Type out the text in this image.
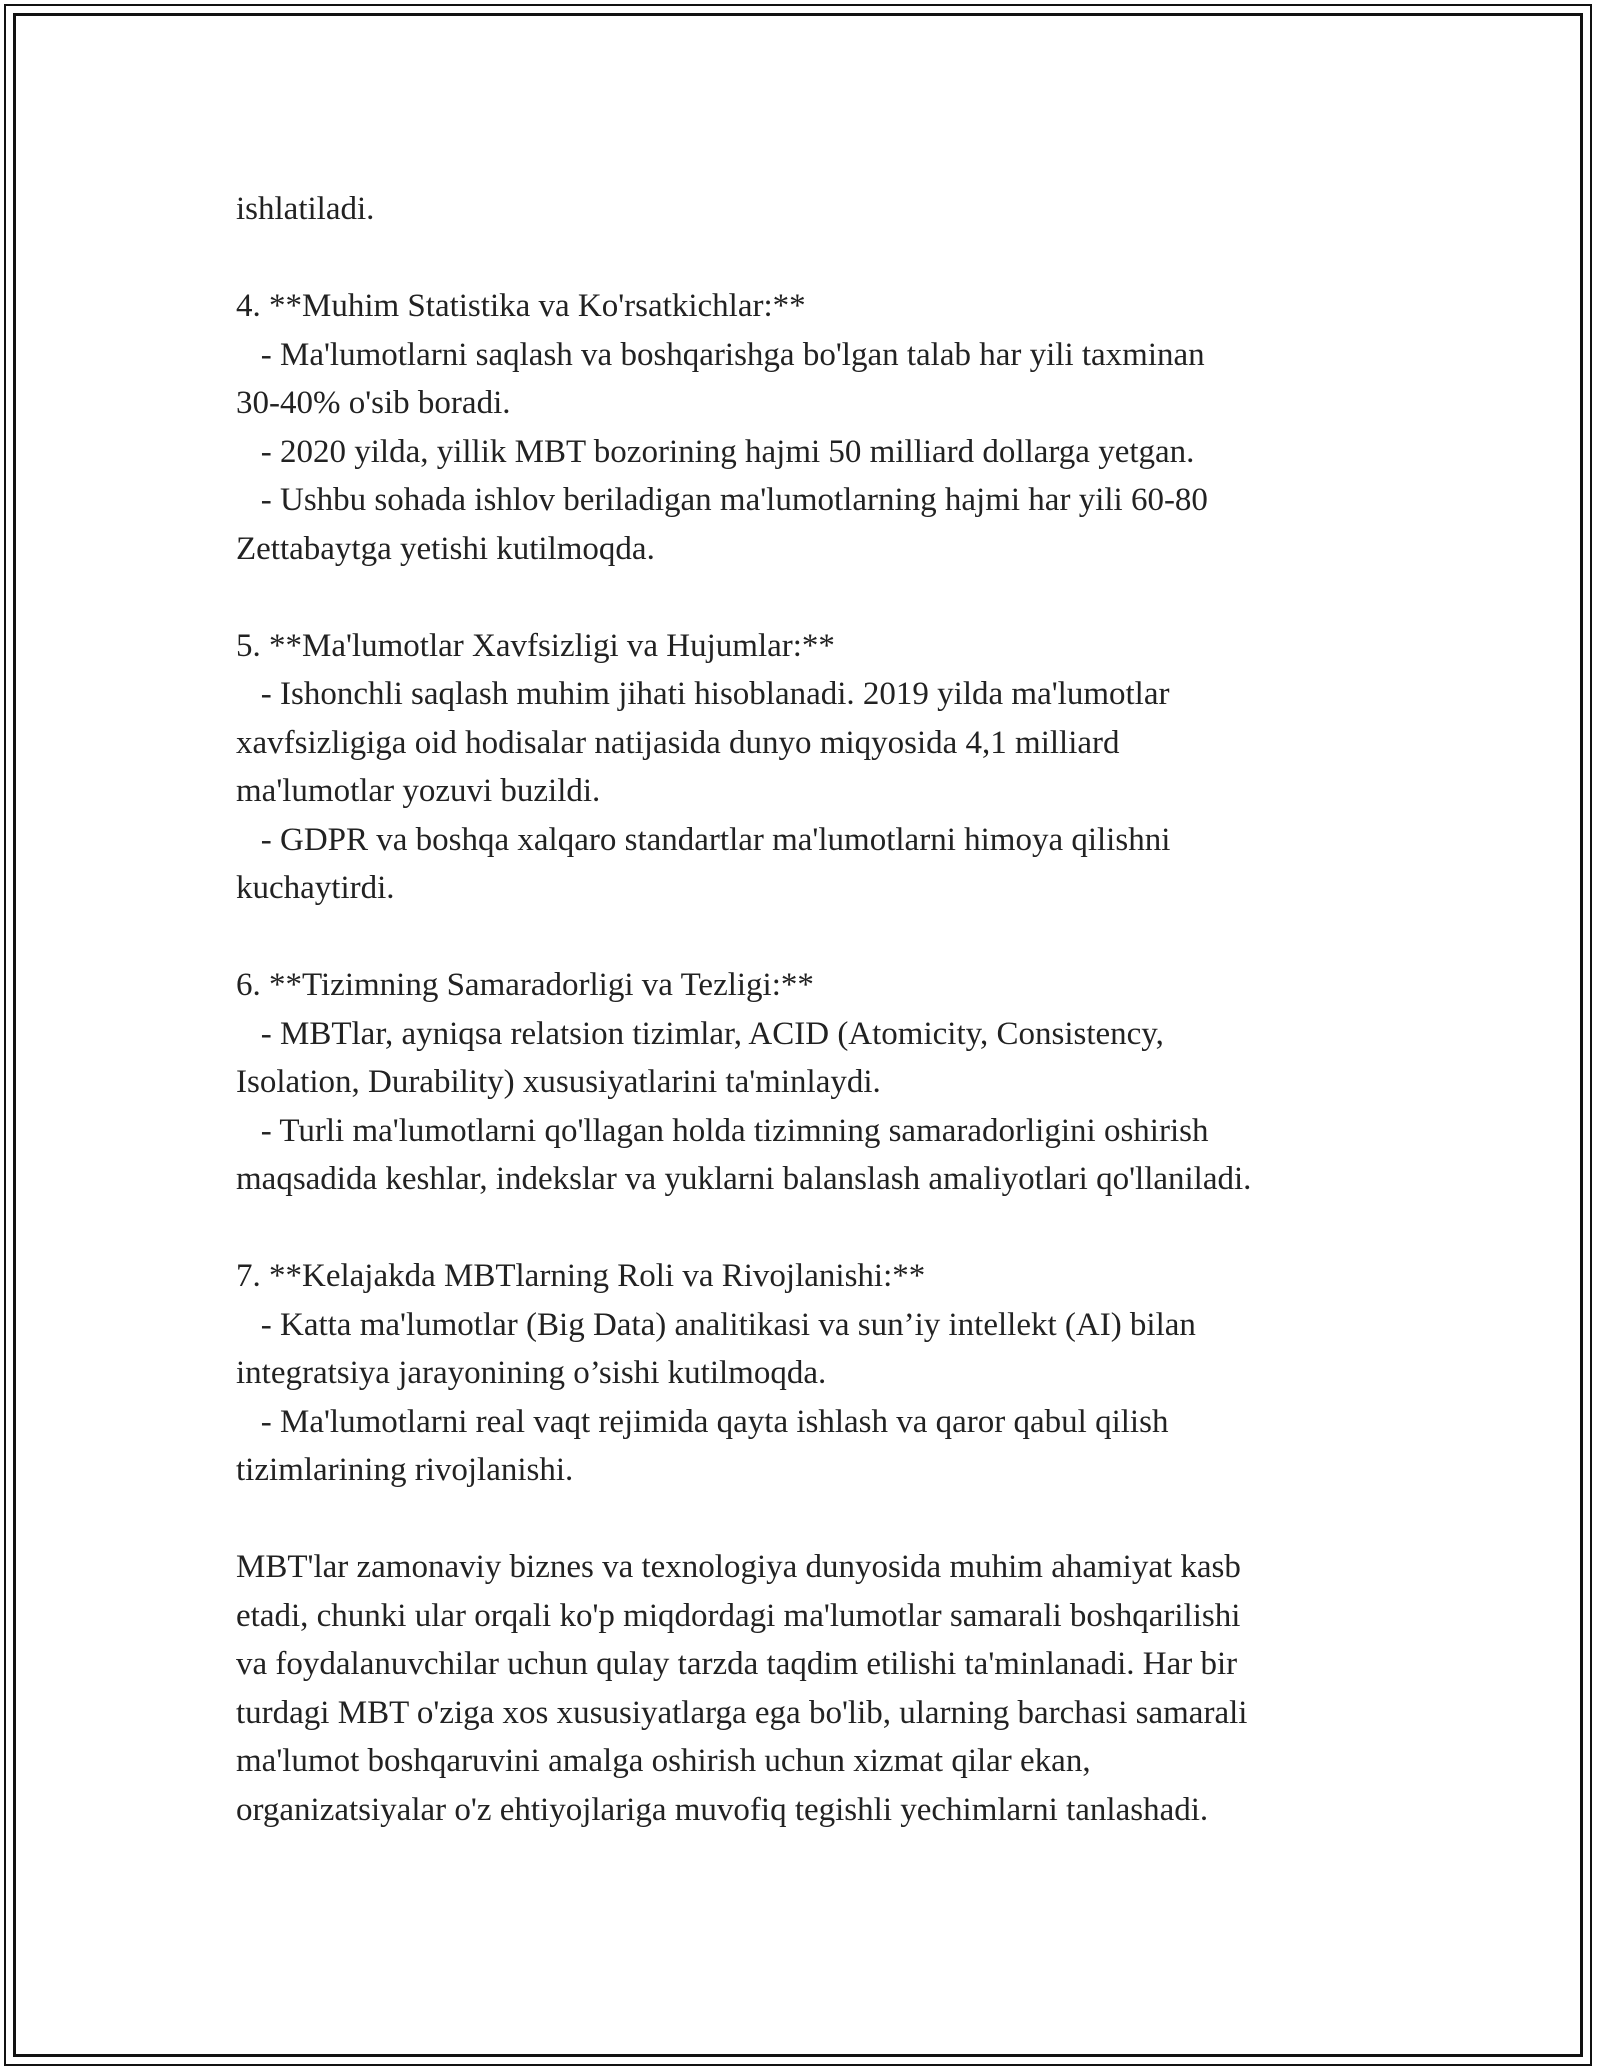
ishlatiladi.
4. **Muhim Statistika va Ko'rsatkichlar:**
- Ma'lumotlarni saqlash va boshqarishga bo'lgan talab har yili taxminan
30-40% o'sib boradi.
- 2020 yilda, yillik MBT bozorining hajmi 50 milliard dollarga yetgan.
- Ushbu sohada ishlov beriladigan ma'lumotlarning hajmi har yili 60-80
Zettabaytga yetishi kutilmoqda.
5. **Ma'lumotlar Xavfsizligi va Hujumlar:**
- Ishonchli saqlash muhim jihati hisoblanadi. 2019 yilda ma'lumotlar
xavfsizligiga oid hodisalar natijasida dunyo miqyosida 4,1 milliard
ma'lumotlar yozuvi buzildi.
- GDPR va boshqa xalqaro standartlar ma'lumotlarni himoya qilishni
kuchaytirdi.
6. **Tizimning Samaradorligi va Tezligi:**
- MBTlar, ayniqsa relatsion tizimlar, ACID (Atomicity, Consistency,
Isolation, Durability) xususiyatlarini ta'minlaydi.
- Turli ma'lumotlarni qo'llagan holda tizimning samaradorligini oshirish
maqsadida keshlar, indekslar va yuklarni balanslash amaliyotlari qo'llaniladi.
7. **Kelajakda MBTlarning Roli va Rivojlanishi:**
- Katta ma'lumotlar (Big Data) analitikasi va sun’iy intellekt (AI) bilan
integratsiya jarayonining o’sishi kutilmoqda.
- Ma'lumotlarni real vaqt rejimida qayta ishlash va qaror qabul qilish
tizimlarining rivojlanishi.
MBT'lar zamonaviy biznes va texnologiya dunyosida muhim ahamiyat kasb
etadi, chunki ular orqali ko'p miqdordagi ma'lumotlar samarali boshqarilishi
va foydalanuvchilar uchun qulay tarzda taqdim etilishi ta'minlanadi. Har bir
turdagi MBT o'ziga xos xususiyatlarga ega bo'lib, ularning barchasi samarali
ma'lumot boshqaruvini amalga oshirish uchun xizmat qilar ekan,
organizatsiyalar o'z ehtiyojlariga muvofiq tegishli yechimlarni tanlashadi.
